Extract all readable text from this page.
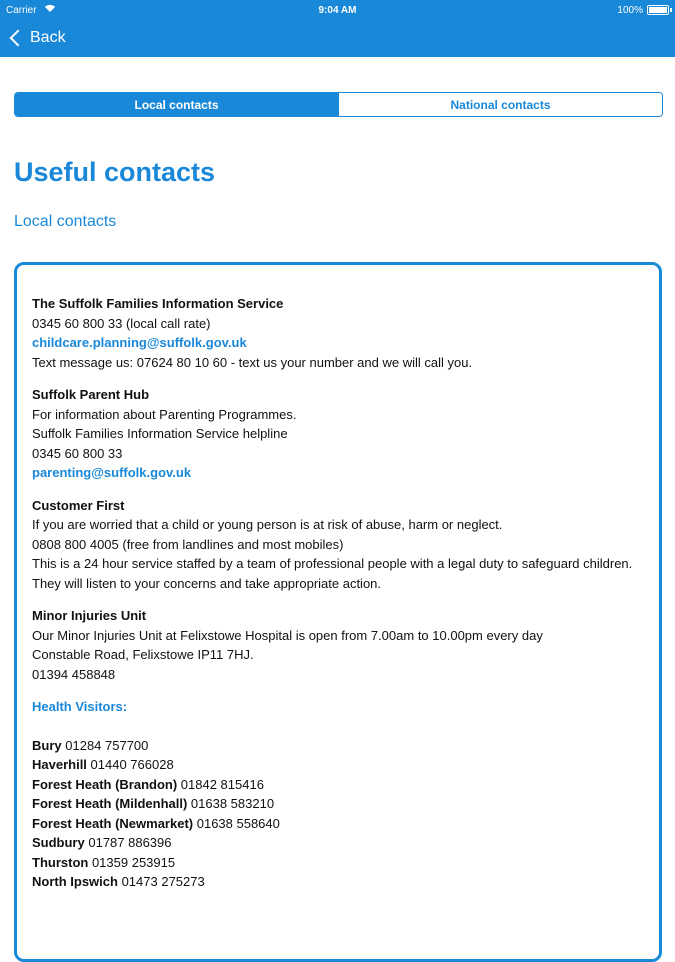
Carrier	9:04 AM	100%
Back
Local contacts	National contacts
Useful contacts
Local contacts
The Suffolk Families Information Service
0345 60 800 33 (local call rate)
childcare.planning@suffolk.gov.uk
Text message us: 07624 80 10 60 - text us your number and we will call you.
Suffolk Parent Hub
For information about Parenting Programmes.
Suffolk Families Information Service helpline
0345 60 800 33
parenting@suffolk.gov.uk
Customer First
If you are worried that a child or young person is at risk of abuse, harm or neglect.
0808 800 4005 (free from landlines and most mobiles)
This is a 24 hour service staffed by a team of professional people with a legal duty to safeguard children. They will listen to your concerns and take appropriate action.
Minor Injuries Unit
Our Minor Injuries Unit at Felixstowe Hospital is open from 7.00am to 10.00pm every day
Constable Road, Felixstowe IP11 7HJ.
01394 458848
Health Visitors:
Bury 01284 757700
Haverhill 01440 766028
Forest Heath (Brandon) 01842 815416
Forest Heath (Mildenhall) 01638 583210
Forest Heath (Newmarket) 01638 558640
Sudbury 01787 886396
Thurston 01359 253915
North Ipswich 01473 275273
